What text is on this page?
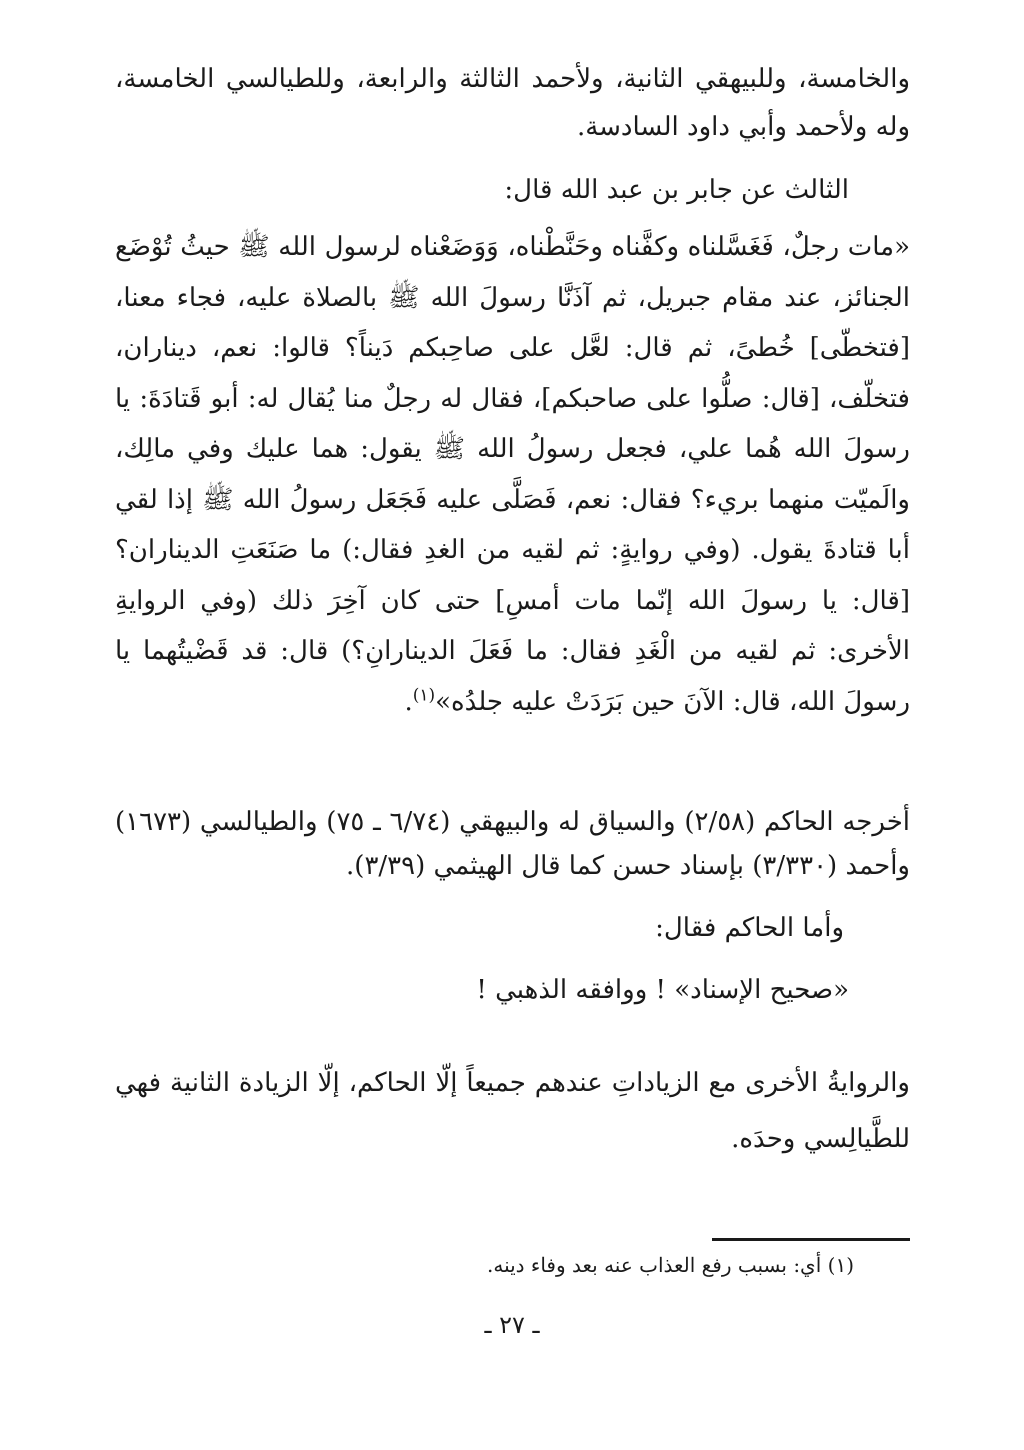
والخامسة، وللبيهقي الثانية، ولأحمد الثالثة والرابعة، وللطيالسي الخامسة، وله ولأحمد وأبي داود السادسة.

الثالث عن جابر بن عبد الله قال:

«مات رجلٌ، فَغَسَّلناه وكفَّناه وحَنَّطْناه، وَوَضَعْناه لرسول الله ﷺ حيثُ تُوْضَع الجنائز، عند مقام جبريل، ثم آذَنَّا رسولَ الله ﷺ بالصلاة عليه، فجاء معنا، [فتخطّى] خُطىً، ثم قال: لعَّل على صاحِبكم دَيناً؟ قالوا: نعم، ديناران، فتخلّف، [قال: صلُّوا على صاحبكم]، فقال له رجلٌ منا يُقال له: أبو قَتادَةَ: يا رسولَ الله هُما علي، فجعل رسولُ الله ﷺ يقول: هما عليك وفي مالِك، والَميّت منهما بريء؟ فقال: نعم، فَصَلَّى عليه فَجَعَل رسولُ الله ﷺ إذا لقي أبا قتادةَ يقول. (وفي روايةٍ: ثم لقيه من الغدِ فقال:) ما صَنَعَتِ الديناران؟ [قال: يا رسولَ الله إنّما مات أمسِ] حتى كان آخِرَ ذلك (وفي الروايةِ الأخرى: ثم لقيه من الْغَدِ فقال: ما فَعَلَ الدينارانِ؟) قال: قد قَضْيتُهما يا رسولَ الله، قال: الآنَ حين بَرَدَتْ عليه جلدُه»$^{(١)}$.

أخرجه الحاكم (٢/٥٨) والسياق له والبيهقي (٦/٧٤ ـ ٧٥) والطيالسي (١٦٧٣) وأحمد (٣/٣٣٠) بإسناد حسن كما قال الهيثمي (٣/٣٩).

وأما الحاكم فقال:

«صحيح الإسناد» ! ووافقه الذهبي !

والروايةُ الأخرى مع الزياداتِ عندهم جميعاً إلّا الحاكم، إلّا الزيادة الثانية فهي للطَّيالِسي وحدَه.

(١) أي: بسبب رفع العذاب عنه بعد وفاء دينه.

ـ ٢٧ ـ
